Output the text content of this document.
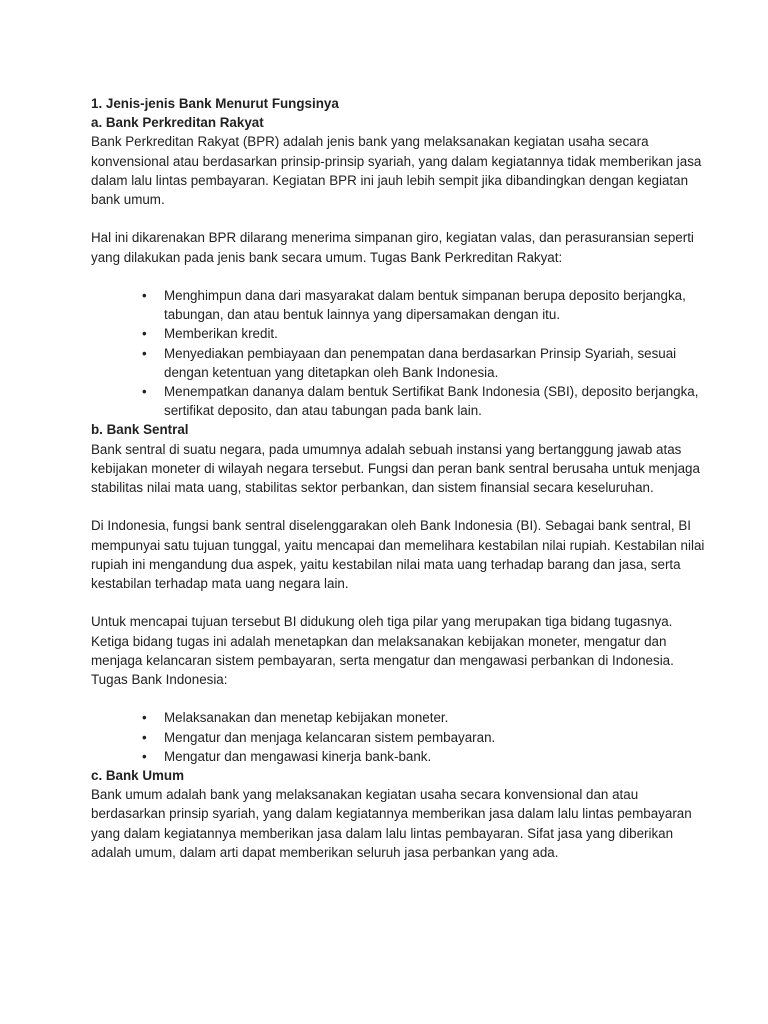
1. Jenis-jenis Bank Menurut Fungsinya

a. Bank Perkreditan Rakyat

Bank Perkreditan Rakyat (BPR) adalah jenis bank yang melaksanakan kegiatan usaha secara konvensional atau berdasarkan prinsip-prinsip syariah, yang dalam kegiatannya tidak memberikan jasa dalam lalu lintas pembayaran. Kegiatan BPR ini jauh lebih sempit jika dibandingkan dengan kegiatan bank umum.

Hal ini dikarenakan BPR dilarang menerima simpanan giro, kegiatan valas, dan perasuransian seperti yang dilakukan pada jenis bank secara umum. Tugas Bank Perkreditan Rakyat:

• Menghimpun dana dari masyarakat dalam bentuk simpanan berupa deposito berjangka, tabungan, dan atau bentuk lainnya yang dipersamakan dengan itu.
• Memberikan kredit.
• Menyediakan pembiayaan dan penempatan dana berdasarkan Prinsip Syariah, sesuai dengan ketentuan yang ditetapkan oleh Bank Indonesia.
• Menempatkan dananya dalam bentuk Sertifikat Bank Indonesia (SBI), deposito berjangka, sertifikat deposito, dan atau tabungan pada bank lain.

b. Bank Sentral

Bank sentral di suatu negara, pada umumnya adalah sebuah instansi yang bertanggung jawab atas kebijakan moneter di wilayah negara tersebut. Fungsi dan peran bank sentral berusaha untuk menjaga stabilitas nilai mata uang, stabilitas sektor perbankan, dan sistem finansial secara keseluruhan.

Di Indonesia, fungsi bank sentral diselenggarakan oleh Bank Indonesia (BI). Sebagai bank sentral, BI mempunyai satu tujuan tunggal, yaitu mencapai dan memelihara kestabilan nilai rupiah. Kestabilan nilai rupiah ini mengandung dua aspek, yaitu kestabilan nilai mata uang terhadap barang dan jasa, serta kestabilan terhadap mata uang negara lain.

Untuk mencapai tujuan tersebut BI didukung oleh tiga pilar yang merupakan tiga bidang tugasnya. Ketiga bidang tugas ini adalah menetapkan dan melaksanakan kebijakan moneter, mengatur dan menjaga kelancaran sistem pembayaran, serta mengatur dan mengawasi perbankan di Indonesia. Tugas Bank Indonesia:

• Melaksanakan dan menetap kebijakan moneter.
• Mengatur dan menjaga kelancaran sistem pembayaran.
• Mengatur dan mengawasi kinerja bank-bank.

c. Bank Umum

Bank umum adalah bank yang melaksanakan kegiatan usaha secara konvensional dan atau berdasarkan prinsip syariah, yang dalam kegiatannya memberikan jasa dalam lalu lintas pembayaran yang dalam kegiatannya memberikan jasa dalam lalu lintas pembayaran. Sifat jasa yang diberikan adalah umum, dalam arti dapat memberikan seluruh jasa perbankan yang ada.
